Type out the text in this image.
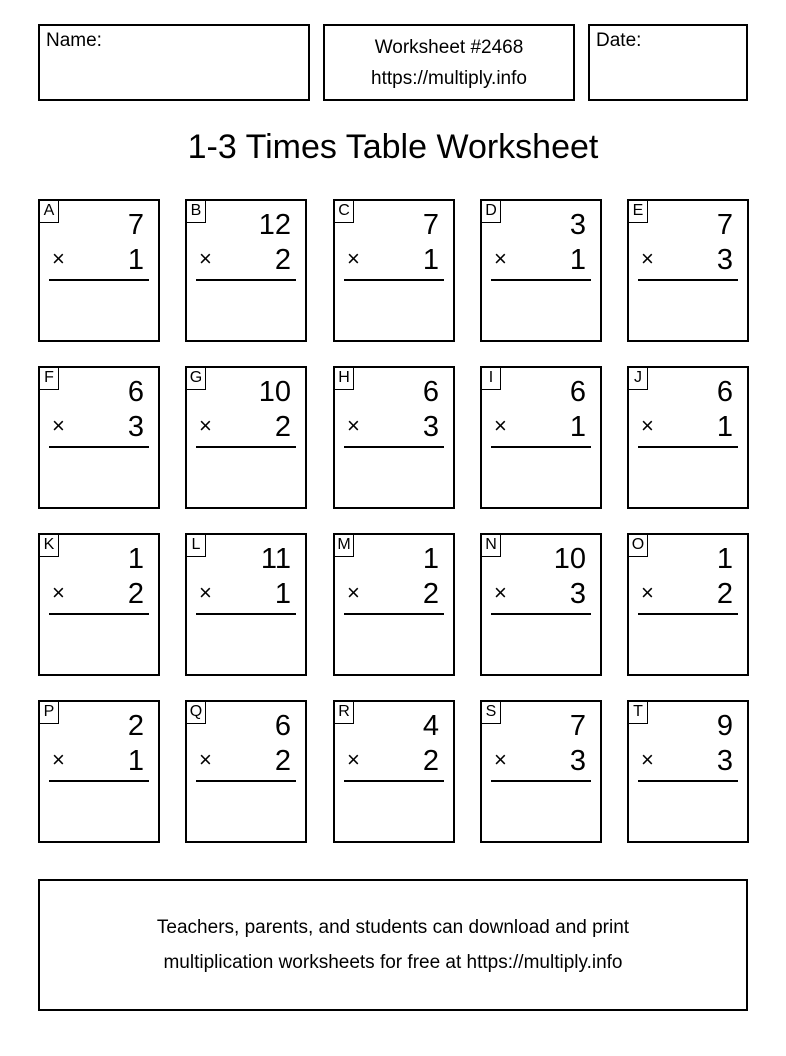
Name:	Worksheet #2468
https://multiply.info
Date:
1-3 Times Table Worksheet
A	7
× 1
B 12
× 2
C	7
× 1
D	3
× 1
E	7
× 3
F	6
× 3
G 10
× 2
H	6
× 3
I	6
× 1
J	6
× 1
K	1
× 2
L 11
× 1
M 1
× 2
N 10
× 3
O	1
× 2
P	2
× 1
Q	6
× 2
R	4
× 2
S	7
× 3
T	9
× 3
Teachers, parents, and students can download and print
multiplication worksheets for free at https://multiply.info
